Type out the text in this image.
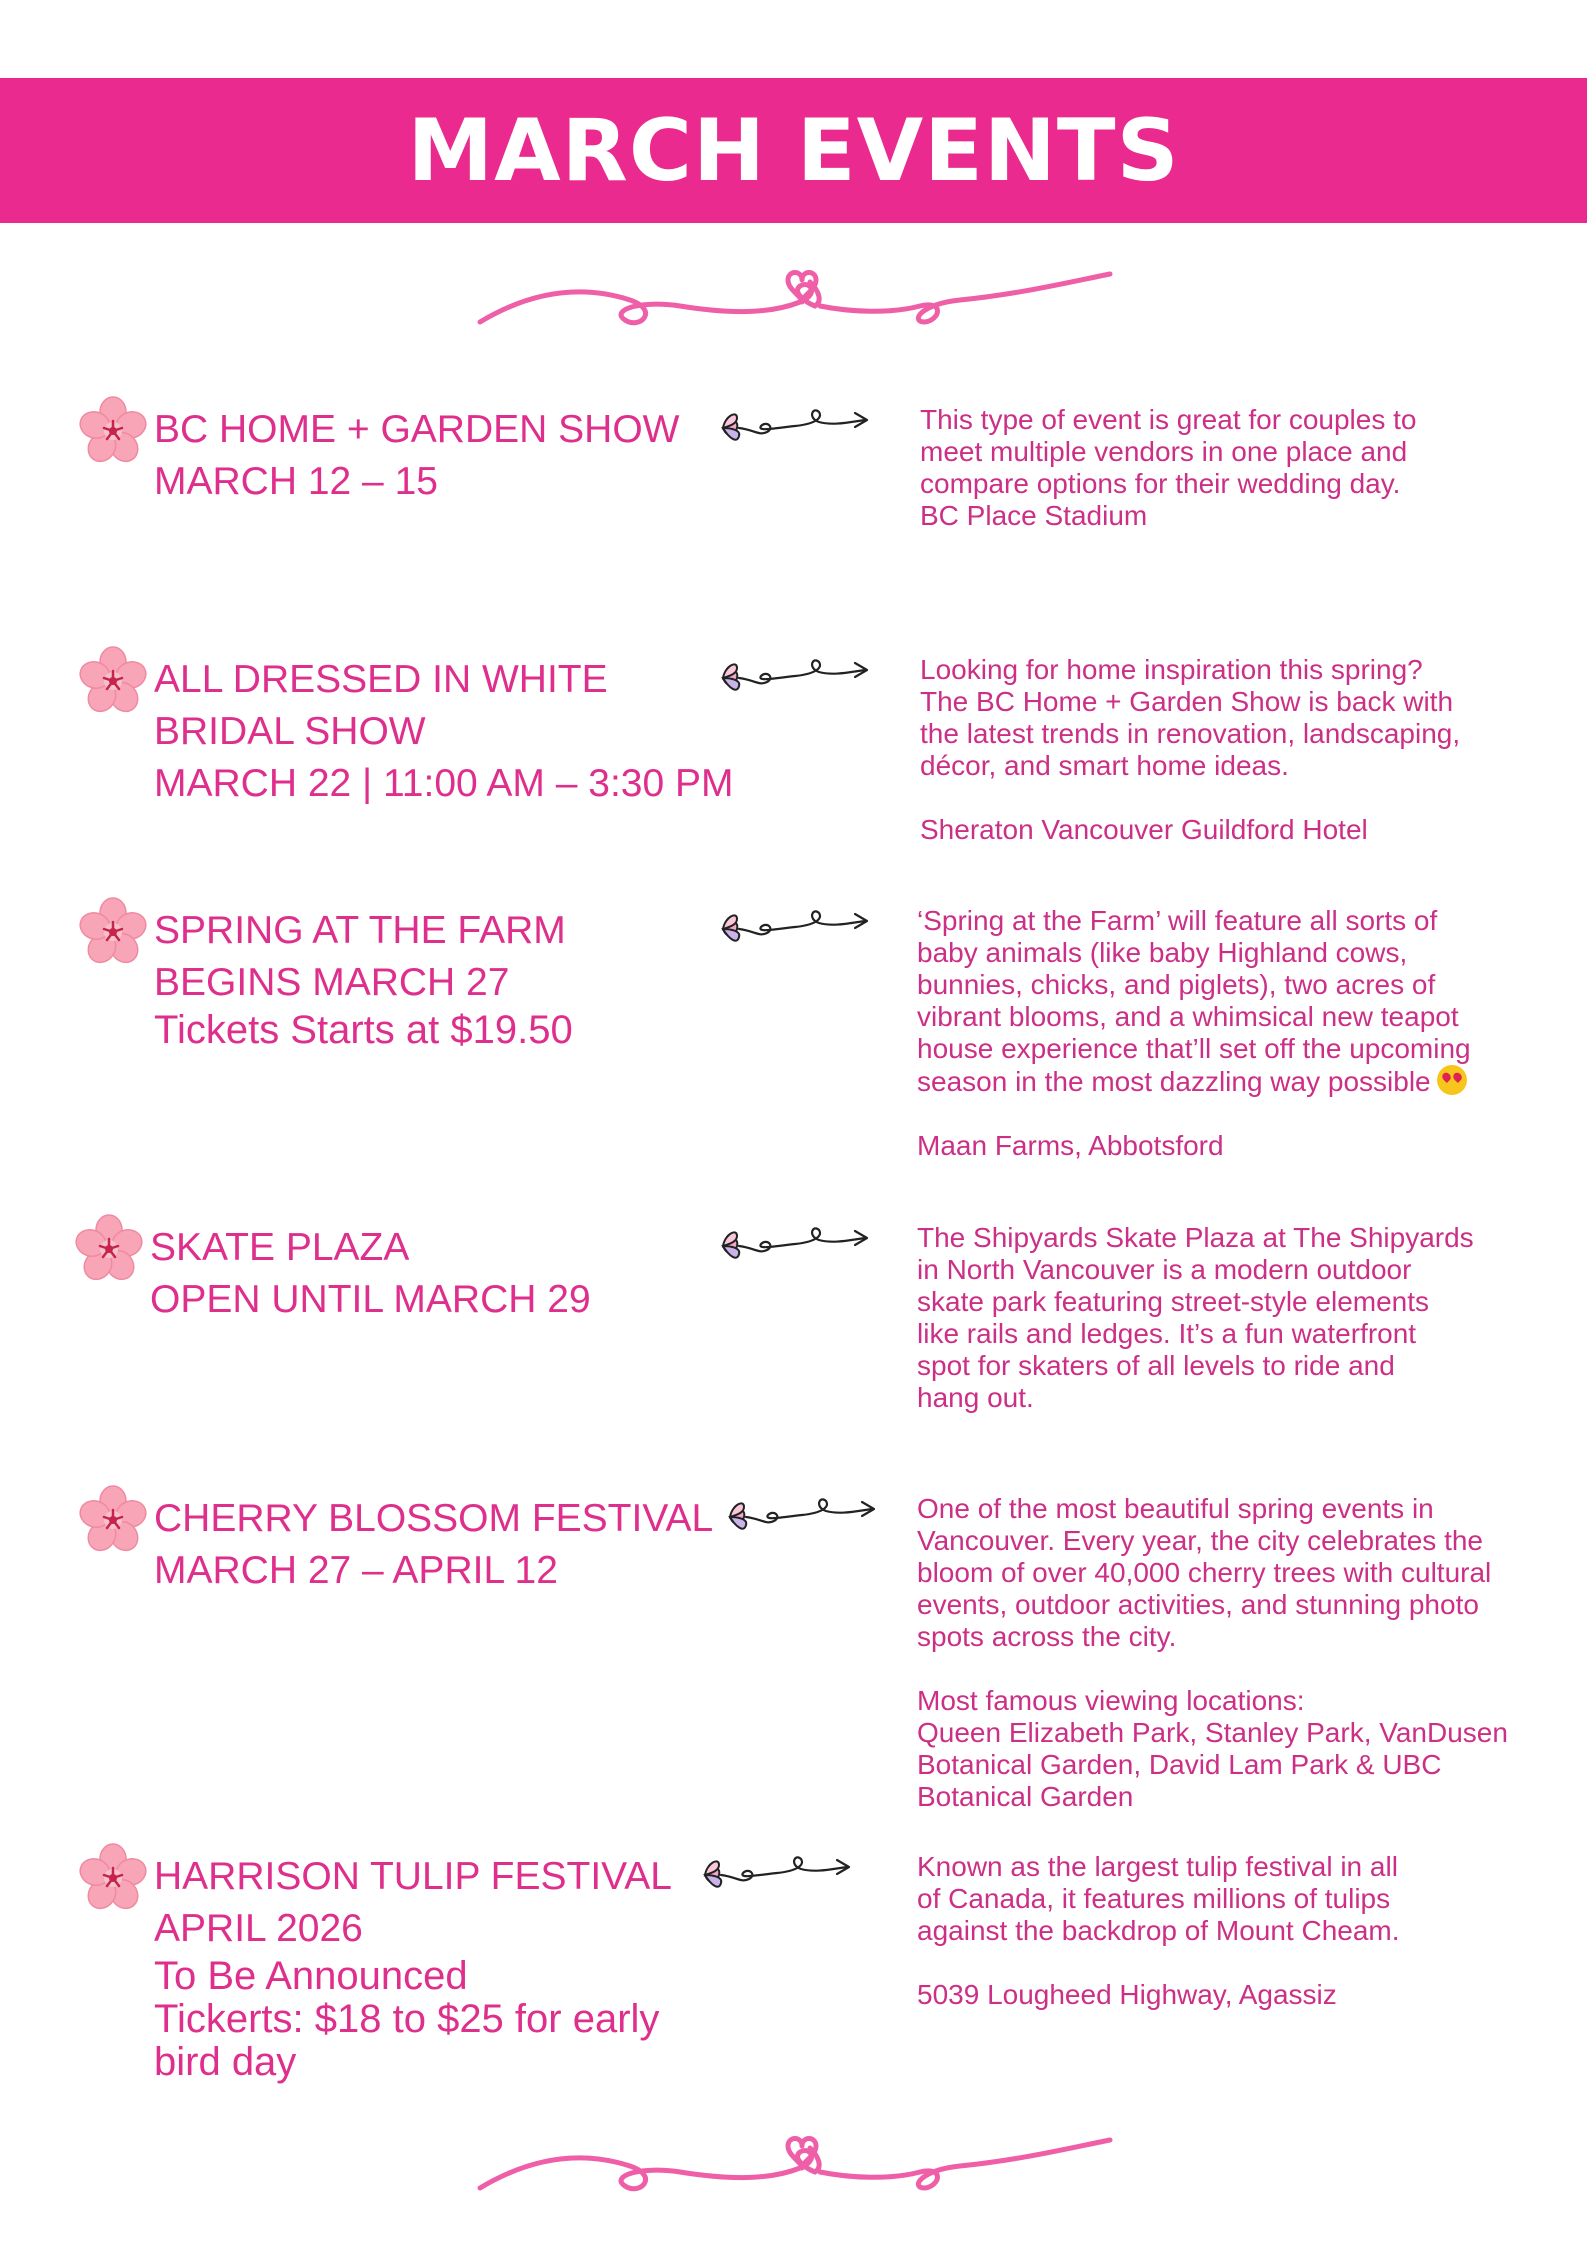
MARCH EVENTS
BC HOME + GARDEN SHOW
MARCH 12 – 15

This type of event is great for couples to

meet multiple vendors in one place and

compare options for their wedding day.

BC Place Stadium

ALL DRESSED IN WHITE
BRIDAL SHOW
MARCH 22 | 11:00 AM – 3:30 PM

Looking for home inspiration this spring?

The BC Home + Garden Show is back with

the latest trends in renovation, landscaping,

décor, and smart home ideas.

Sheraton Vancouver Guildford Hotel

SPRING AT THE FARM
BEGINS MARCH 27
Tickets Starts at $19.50

‘Spring at the Farm’ will feature all sorts of

baby animals (like baby Highland cows,

bunnies, chicks, and piglets), two acres of

vibrant blooms, and a whimsical new teapot

house experience that’ll set off the upcoming

season in the most dazzling way possible

Maan Farms, Abbotsford

SKATE PLAZA
OPEN UNTIL MARCH 29

The Shipyards Skate Plaza at The Shipyards

in North Vancouver is a modern outdoor

skate park featuring street-style elements

like rails and ledges. It’s a fun waterfront

spot for skaters of all levels to ride and

hang out.

CHERRY BLOSSOM FESTIVAL
MARCH 27 – APRIL 12

One of the most beautiful spring events in

Vancouver. Every year, the city celebrates the

bloom of over 40,000 cherry trees with cultural

events, outdoor activities, and stunning photo

spots across the city.

Most famous viewing locations:

Queen Elizabeth Park, Stanley Park, VanDusen

Botanical Garden, David Lam Park & UBC

Botanical Garden

HARRISON TULIP FESTIVAL
APRIL 2026
To Be Announced
Tickerts: $18 to $25 for early
bird day

Known as the largest tulip festival in all

of Canada, it features millions of tulips

against the backdrop of Mount Cheam.

5039 Lougheed Highway, Agassiz
